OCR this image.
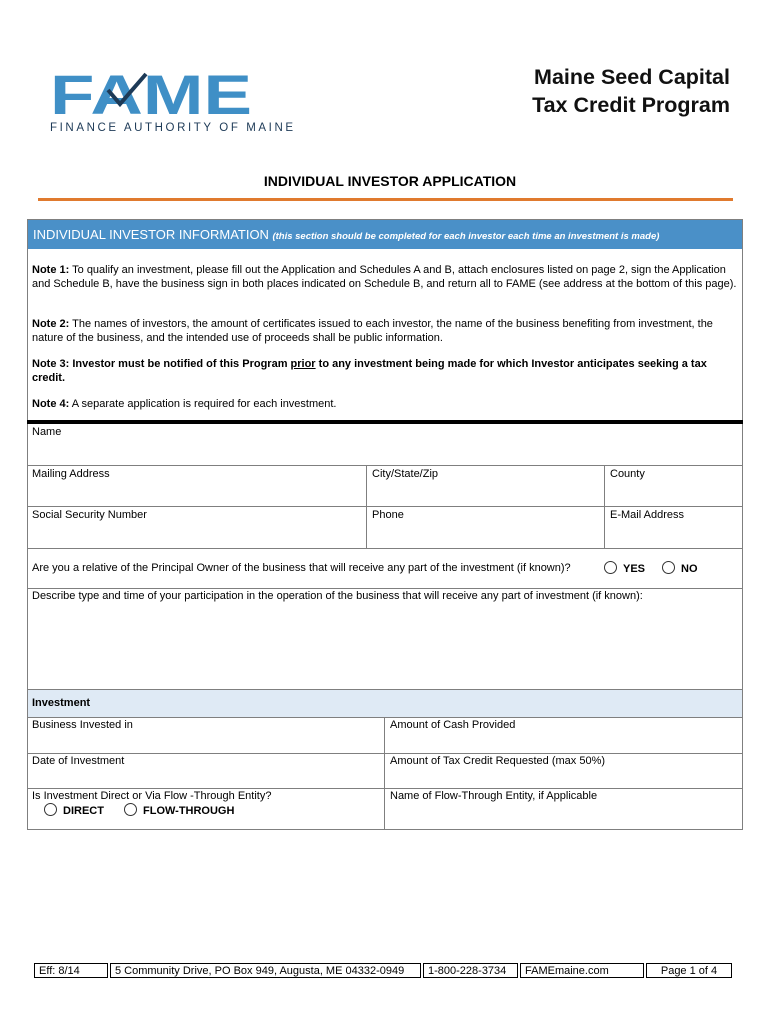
FAME
FINANCE AUTHORITY OF MAINE
Maine Seed Capital
Tax Credit Program
INDIVIDUAL INVESTOR APPLICATION
INDIVIDUAL INVESTOR INFORMATION (this section should be completed for each investor each time an investment is made)
Note 1: To qualify an investment, please fill out the Application and Schedules A and B, attach enclosures listed on page 2, sign the Application and Schedule B, have the business sign in both places indicated on Schedule B, and return all to FAME (see address at the bottom of this page).
Note 2: The names of investors, the amount of certificates issued to each investor, the name of the business benefiting from investment, the nature of the business, and the intended use of proceeds shall be public information.
Note 3: Investor must be notified of this Program prior to any investment being made for which Investor anticipates seeking a tax credit.
Note 4: A separate application is required for each investment.
Name
Mailing Address	City/State/Zip	County
Social Security Number	Phone	E-Mail Address
Are you a relative of the Principal Owner of the business that will receive any part of the investment (if known)?	YES	NO
Describe type and time of your participation in the operation of the business that will receive any part of investment (if known):
Investment
Business Invested in	Amount of Cash Provided
Date of Investment	Amount of Tax Credit Requested (max 50%)
Is Investment Direct or Via Flow -Through Entity?
DIRECT	FLOW-THROUGH
Name of Flow-Through Entity, if Applicable
Eff: 8/14	5 Community Drive, PO Box 949, Augusta, ME 04332-0949	1-800-228-3734	FAMEmaine.com	Page 1 of 4
